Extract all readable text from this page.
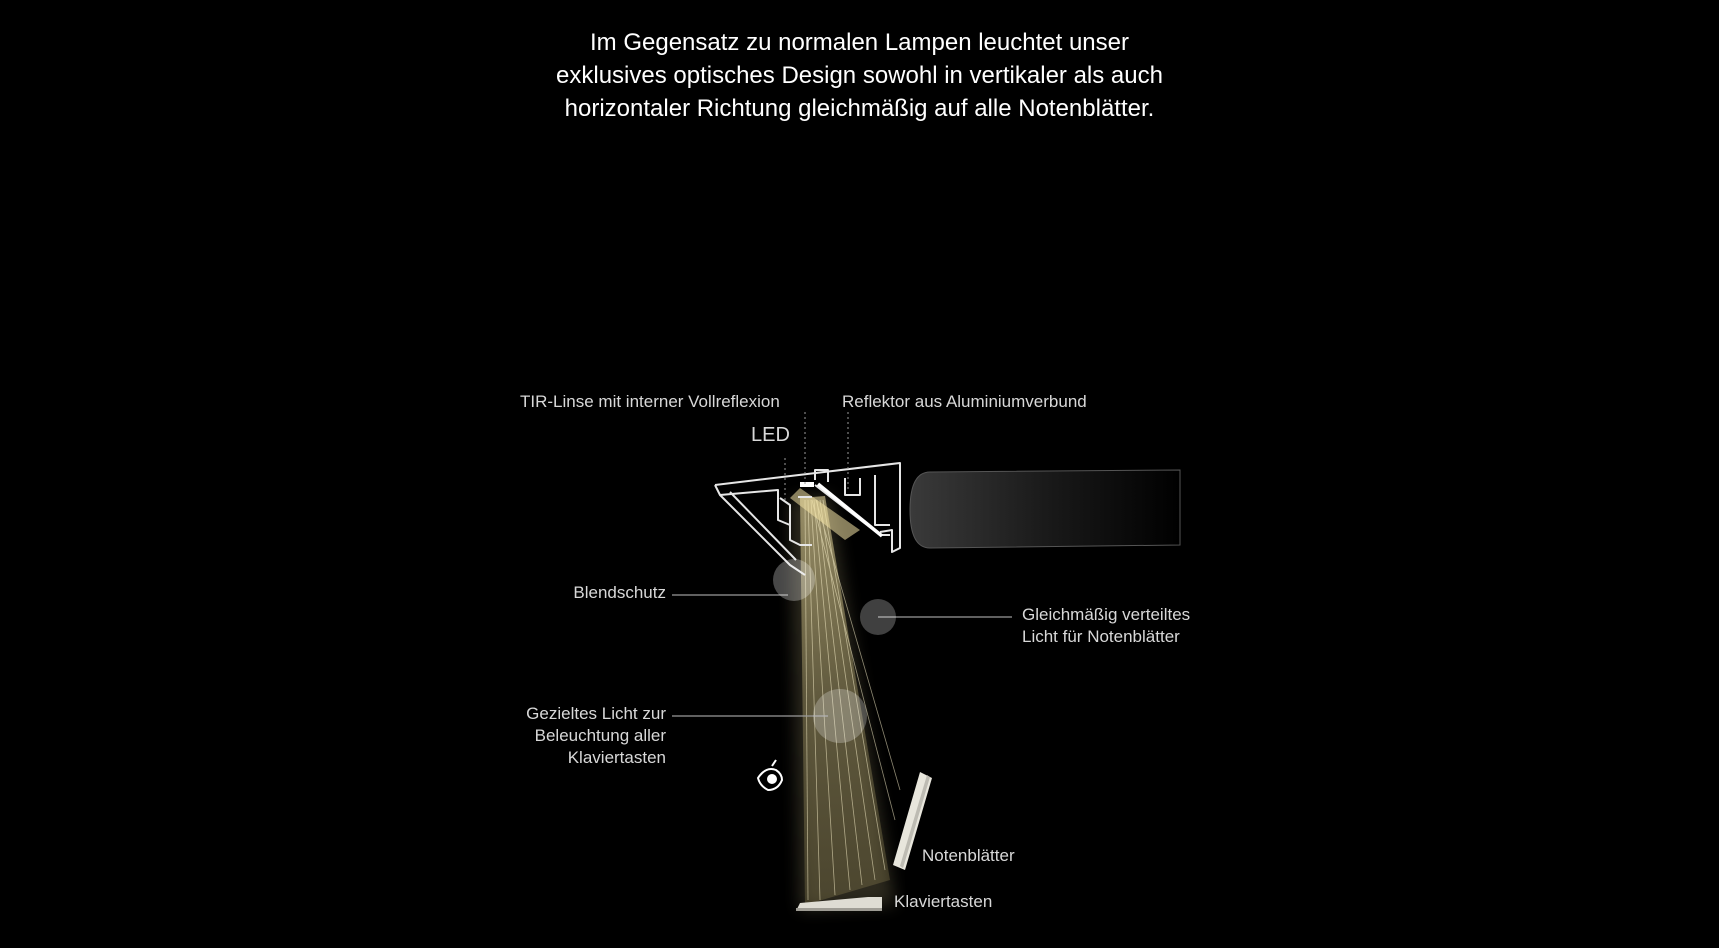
Im Gegensatz zu normalen Lampen leuchtet unser
exklusives optisches Design sowohl in vertikaler als auch
horizontaler Richtung gleichmäßig auf alle Notenblätter.
TIR-Linse mit interner Vollreflexion	Reflektor aus Aluminiumverbund
LED
Blendschutz
Gleichmäßig verteiltes
Licht für Notenblätter
Gezieltes Licht zur
Beleuchtung aller
Klaviertasten
Notenblätter
Klaviertasten
